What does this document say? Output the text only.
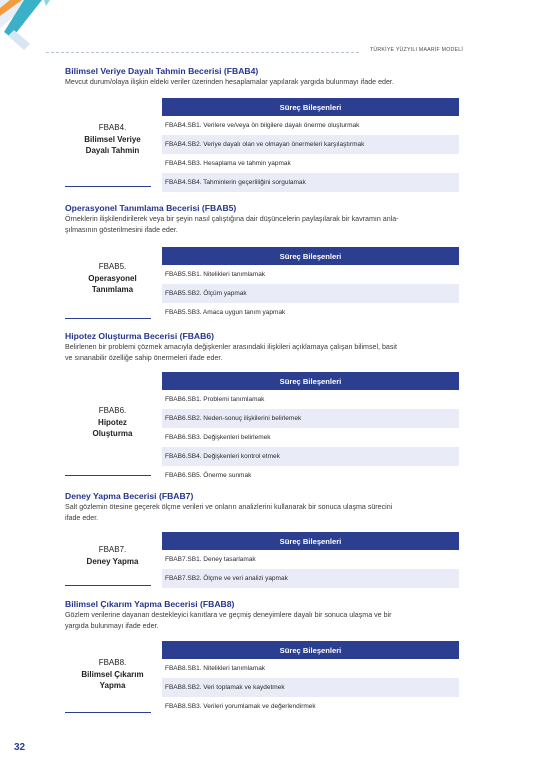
TÜRKİYE YÜZYILI MAARİF MODELİ

Bilimsel Veriye Dayalı Tahmin Becerisi (FBAB4)

Mevcut durum/olaya ilişkin eldeki veriler üzerinden hesaplamalar yapılarak yargıda bulunmayı ifade eder.

FBAB4.
Bilimsel Veriye
Dayalı Tahmin
Süreç Bileşenleri
FBAB4.SB1. Verilere ve/veya ön bilgilere dayalı önerme oluşturmak
FBAB4.SB2. Veriye dayalı olan ve olmayan önermeleri karşılaştırmak
FBAB4.SB3. Hesaplama ve tahmin yapmak
FBAB4.SB4. Tahminlerin geçerliliğini sorgulamak

Operasyonel Tanımlama Becerisi (FBAB5)

Örneklerin ilişkilendirilerek veya bir şeyin nasıl çalıştığına dair düşüncelerin paylaşılarak bir kavramın anla-

şılmasının gösterilmesini ifade eder.

FBAB5.
Operasyonel
Tanımlama
Süreç Bileşenleri
FBAB5.SB1. Nitelikleri tanımlamak
FBAB5.SB2. Ölçüm yapmak
FBAB5.SB3. Amaca uygun tanım yapmak

Hipotez Oluşturma Becerisi (FBAB6)

Belirlenen bir problemi çözmek amacıyla değişkenler arasındaki ilişkileri açıklamaya çalışan bilimsel, basit

ve sınanabilir özelliğe sahip önermeleri ifade eder.

FBAB6.
Hipotez
Oluşturma
Süreç Bileşenleri
FBAB6.SB1. Problemi tanımlamak
FBAB6.SB2. Neden-sonuç ilişkilerini belirlemek
FBAB6.SB3. Değişkenleri belirlemek
FBAB6.SB4. Değişkenleri kontrol etmek
FBAB6.SB5. Önerme sunmak

Deney Yapma Becerisi (FBAB7)

Salt gözlemin ötesine geçerek ölçme verileri ve onların analizlerini kullanarak bir sonuca ulaşma sürecini

ifade eder.

FBAB7.
Deney Yapma
Süreç Bileşenleri
FBAB7.SB1. Deney tasarlamak
FBAB7.SB2. Ölçme ve veri analizi yapmak

Bilimsel Çıkarım Yapma Becerisi (FBAB8)

Gözlem verilerine dayanan destekleyici kanıtlara ve geçmiş deneyimlere dayalı bir sonuca ulaşma ve bir

yargıda bulunmayı ifade eder.

FBAB8.
Bilimsel Çıkarım
Yapma
Süreç Bileşenleri
FBAB8.SB1. Nitelikleri tanımlamak
FBAB8.SB2. Veri toplamak ve kaydetmek
FBAB8.SB3. Verileri yorumlamak ve değerlendirmek
32
